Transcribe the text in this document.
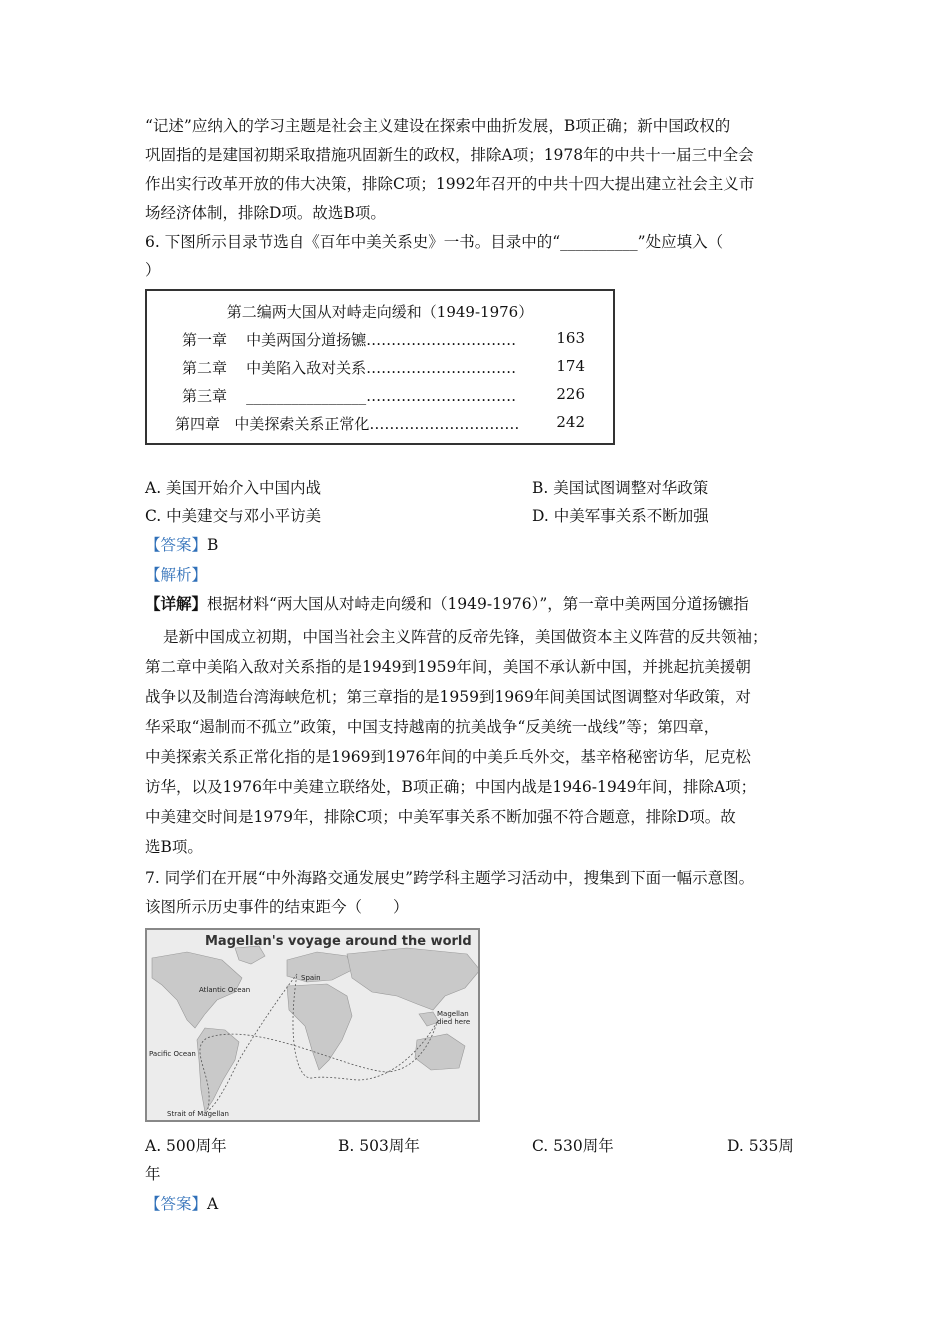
“记述”应纳入的学习主题是社会主义建设在探索中曲折发展，B项正确；新中国政权的
巩固指的是建国初期采取措施巩固新生的政权，排除A项；1978年的中共十一届三中全会
作出实行改革开放的伟大决策，排除C项；1992年召开的中共十四大提出建立社会主义市
场经济体制，排除D项。故选B项。
6. 下图所示目录节选自《百年中美关系史》一书。目录中的“__________”处应填入（
）
第二编两大国从对峙走向缓和（1949-1976）
第一章 中美两国分道扬镳…………………………	163
第二章 中美陷入敌对关系…………………………	174
第三章 ________________…………………………	226
第四章 中美探索关系正常化………………………… 242
A. 美国开始介入中国内战	B. 美国试图调整对华政策
C. 中美建交与邓小平访美	D. 中美军事关系不断加强
【答案】B
【解析】
【详解】根据材料“两大国从对峙走向缓和（1949-1976）”，第一章中美两国分道扬镳指
是新中国成立初期，中国当社会主义阵营的反帝先锋，美国做资本主义阵营的反共领袖；
第二章中美陷入敌对关系指的是1949到1959年间，美国不承认新中国，并挑起抗美援朝
战争以及制造台湾海峡危机；第三章指的是1959到1969年间美国试图调整对华政策，对
华采取“遏制而不孤立”政策，中国支持越南的抗美战争“反美统一战线”等；第四章，
中美探索关系正常化指的是1969到1976年间的中美乒乓外交，基辛格秘密访华，尼克松
访华，以及1976年中美建立联络处，B项正确；中国内战是1946-1949年间，排除A项；
中美建交时间是1979年，排除C项；中美军事关系不断加强不符合题意，排除D项。故
选B项。
7. 同学们在开展“中外海路交通发展史”跨学科主题学习活动中，搜集到下面一幅示意图。
该图所示历史事件的结束距今（　　）
Magellan's voyage around the world
Spain
Atlantic Ocean
Pacific Ocean
Strait of Magellan
Magellan died here
A. 500周年	B. 503周年	C. 530周年	D. 535周
年
【答案】A
